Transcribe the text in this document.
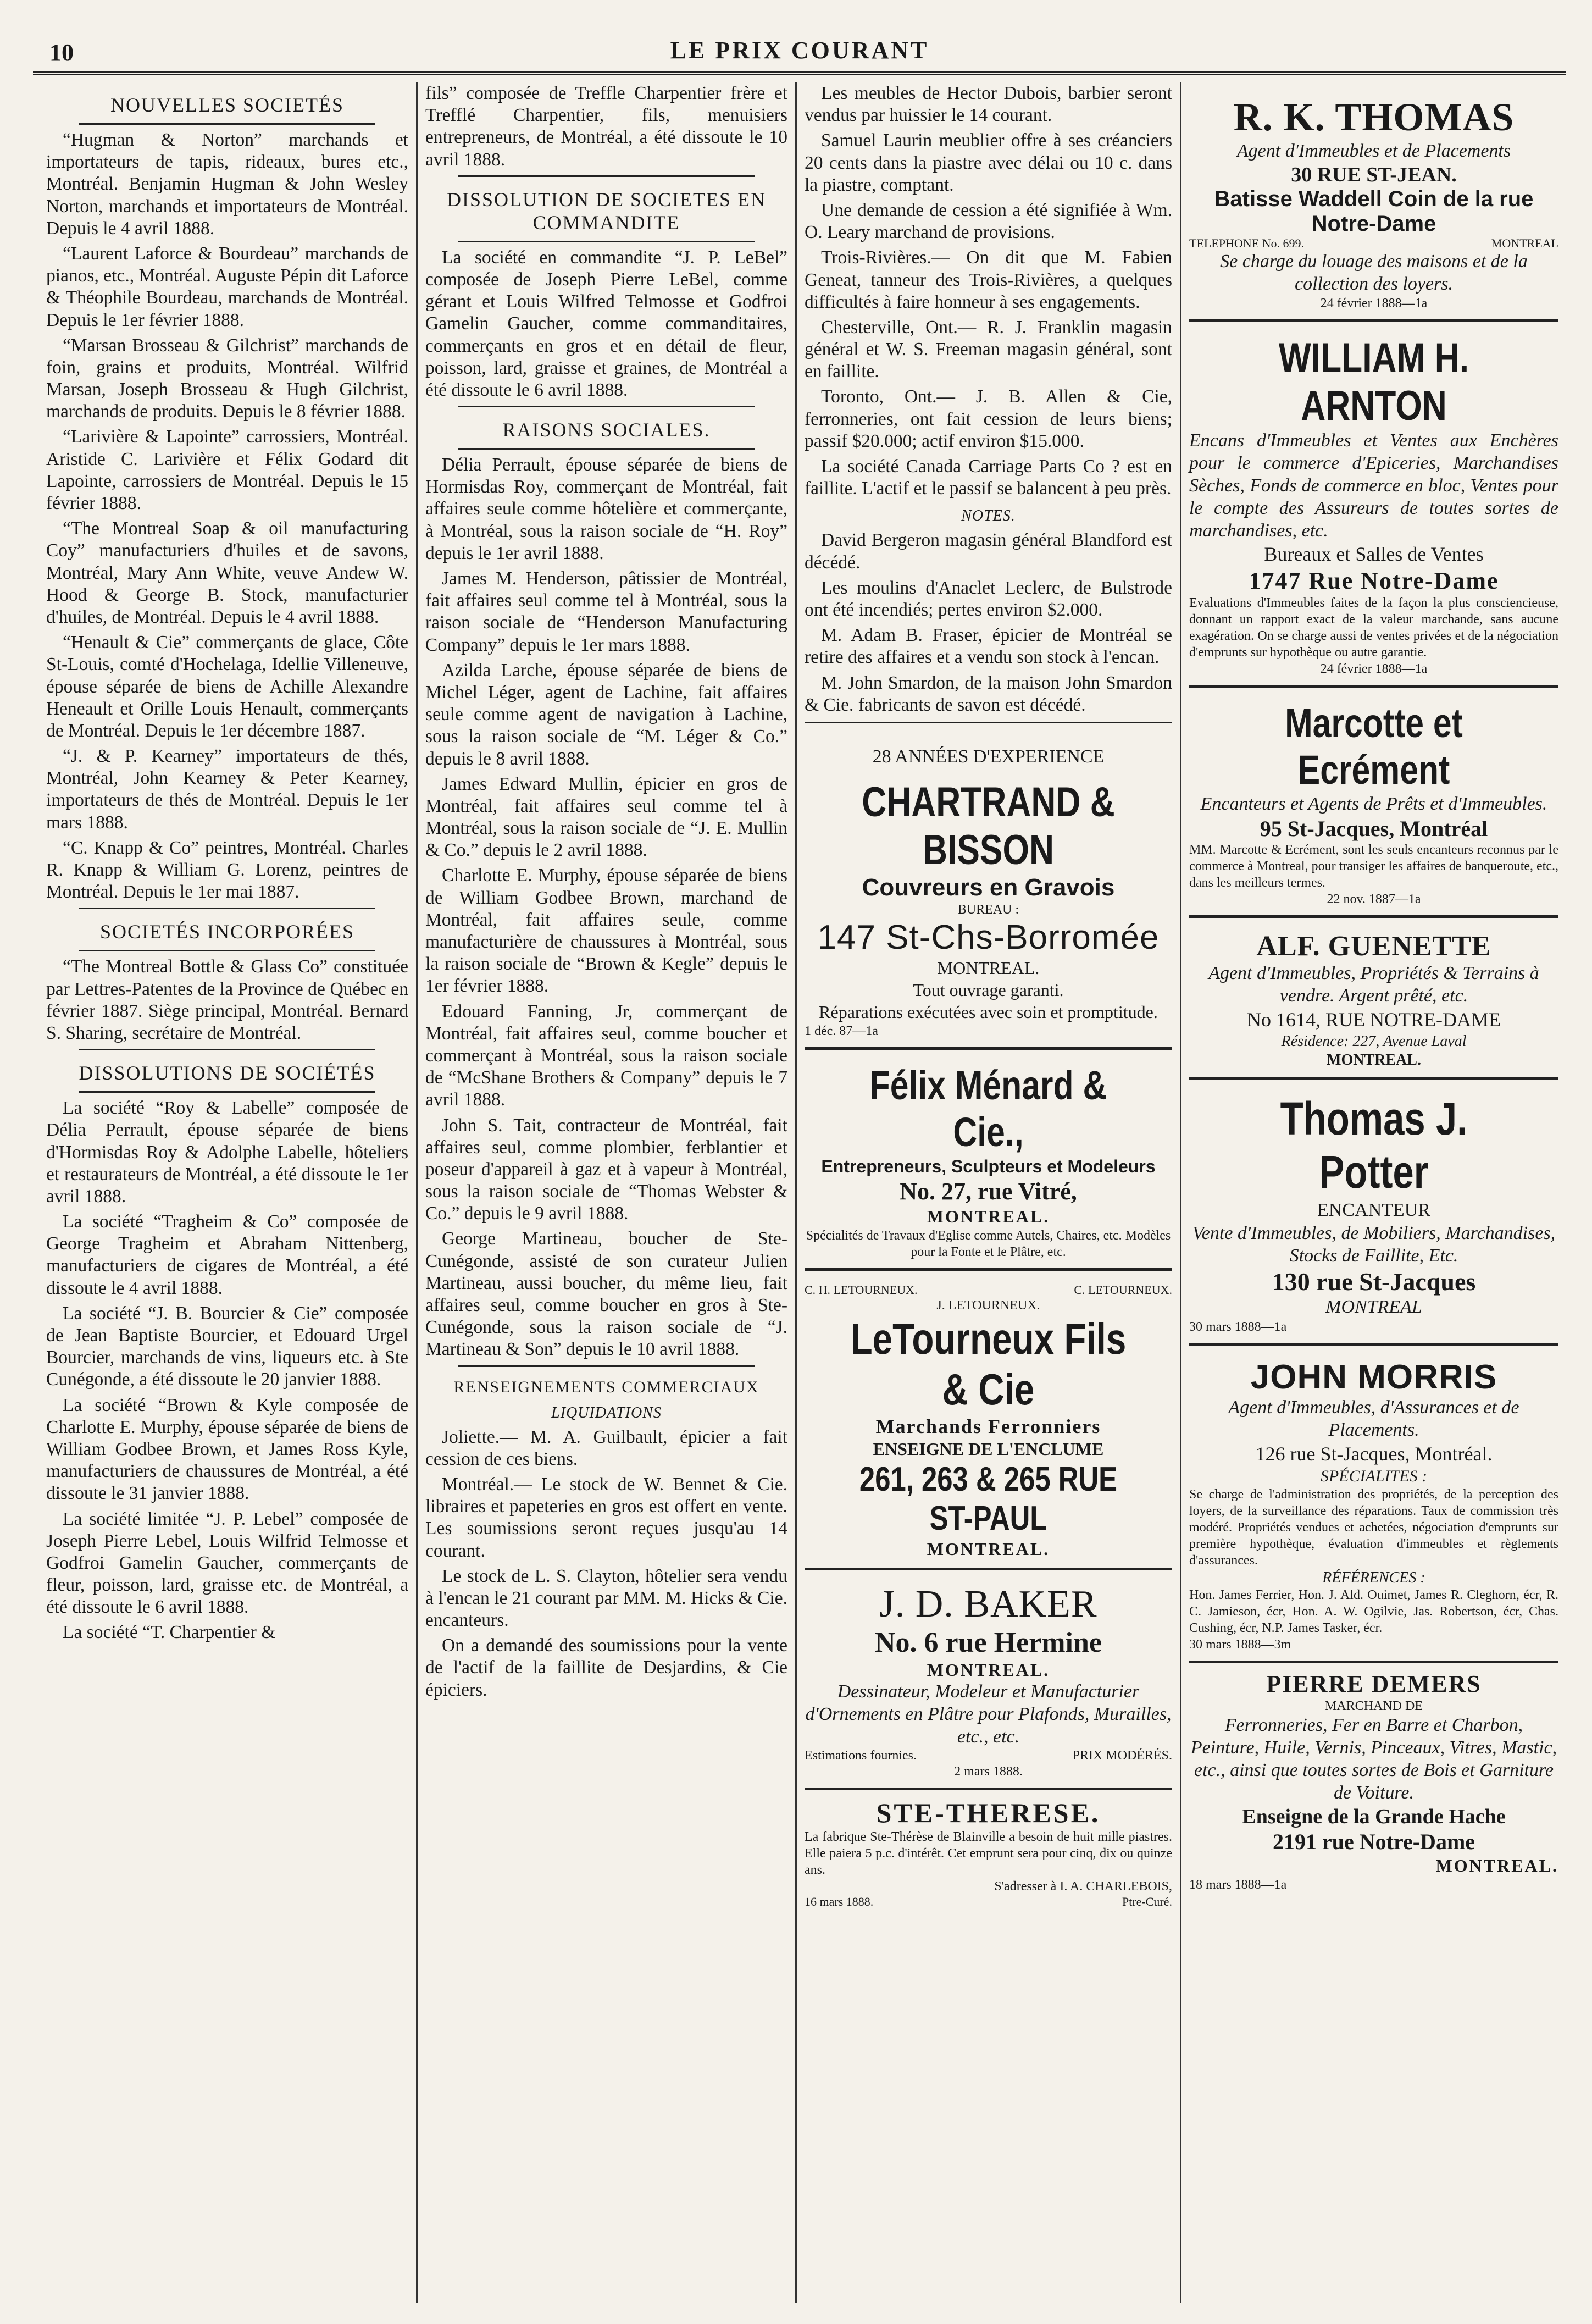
10	LE PRIX COURANT
NOUVELLES SOCIETÉS

“Hugman & Norton” marchands et importateurs de tapis, rideaux, bures etc., Montréal. Benjamin Hugman & John Wesley Norton, marchands et importateurs de Montréal. Depuis le 4 avril 1888.

“Laurent Laforce & Bourdeau” marchands de pianos, etc., Montréal. Auguste Pépin dit Laforce & Théophile Bourdeau, marchands de Montréal. Depuis le 1er février 1888.

“Marsan Brosseau & Gilchrist” marchands de foin, grains et produits, Montréal. Wilfrid Marsan, Joseph Brosseau & Hugh Gilchrist, marchands de produits. Depuis le 8 février 1888.

“Larivière & Lapointe” carrossiers, Montréal. Aristide C. Larivière et Félix Godard dit Lapointe, carrossiers de Montréal. Depuis le 15 février 1888.

“The Montreal Soap & oil manufacturing Coy” manufacturiers d'huiles et de savons, Montréal, Mary Ann White, veuve Andew W. Hood & George B. Stock, manufacturier d'huiles, de Montréal. Depuis le 4 avril 1888.

“Henault & Cie” commerçants de glace, Côte St-Louis, comté d'Hochelaga, Idellie Villeneuve, épouse séparée de biens de Achille Alexandre Heneault et Orille Louis Henault, commerçants de Montréal. Depuis le 1er décembre 1887.

“J. & P. Kearney” importateurs de thés, Montréal, John Kearney & Peter Kearney, importateurs de thés de Montréal. Depuis le 1er mars 1888.

“C. Knapp & Co” peintres, Montréal. Charles R. Knapp & William G. Lorenz, peintres de Montréal. Depuis le 1er mai 1887.

SOCIETÉS INCORPORÉES

“The Montreal Bottle & Glass Co” constituée par Lettres-Patentes de la Province de Québec en février 1887. Siège principal, Montréal. Bernard S. Sharing, secrétaire de Montréal.

DISSOLUTIONS DE SOCIÉTÉS

La société “Roy & Labelle” composée de Délia Perrault, épouse séparée de biens d'Hormisdas Roy & Adolphe Labelle, hôteliers et restaurateurs de Montréal, a été dissoute le 1er avril 1888.

La société “Tragheim & Co” composée de George Tragheim et Abraham Nittenberg, manufacturiers de cigares de Montréal, a été dissoute le 4 avril 1888.

La société “J. B. Bourcier & Cie” composée de Jean Baptiste Bourcier, et Edouard Urgel Bourcier, marchands de vins, liqueurs etc. à Ste Cunégonde, a été dissoute le 20 janvier 1888.

La société “Brown & Kyle composée de Charlotte E. Murphy, épouse séparée de biens de William Godbee Brown, et James Ross Kyle, manufacturiers de chaussures de Montréal, a été dissoute le 31 janvier 1888.

La société limitée “J. P. Lebel” composée de Joseph Pierre Lebel, Louis Wilfrid Telmosse et Godfroi Gamelin Gaucher, commerçants de fleur, poisson, lard, graisse etc. de Montréal, a été dissoute le 6 avril 1888.

La société “T. Charpentier &

fils” composée de Treffle Charpentier frère et Trefflé Charpentier, fils, menuisiers entrepreneurs, de Montréal, a été dissoute le 10 avril 1888.

DISSOLUTION DE SOCIETES EN COMMANDITE

La société en commandite “J. P. LeBel” composée de Joseph Pierre LeBel, comme gérant et Louis Wilfred Telmosse et Godfroi Gamelin Gaucher, comme commanditaires, commerçants en gros et en détail de fleur, poisson, lard, graisse et graines, de Montréal a été dissoute le 6 avril 1888.

RAISONS SOCIALES.

Délia Perrault, épouse séparée de biens de Hormisdas Roy, commerçant de Montréal, fait affaires seule comme hôtelière et commerçante, à Montréal, sous la raison sociale de “H. Roy” depuis le 1er avril 1888.

James M. Henderson, pâtissier de Montréal, fait affaires seul comme tel à Montréal, sous la raison sociale de “Henderson Manufacturing Company” depuis le 1er mars 1888.

Azilda Larche, épouse séparée de biens de Michel Léger, agent de Lachine, fait affaires seule comme agent de navigation à Lachine, sous la raison sociale de “M. Léger & Co.” depuis le 8 avril 1888.

James Edward Mullin, épicier en gros de Montréal, fait affaires seul comme tel à Montréal, sous la raison sociale de “J. E. Mullin & Co.” depuis le 2 avril 1888.

Charlotte E. Murphy, épouse séparée de biens de William Godbee Brown, marchand de Montréal, fait affaires seule, comme manufacturière de chaussures à Montréal, sous la raison sociale de “Brown & Kegle” depuis le 1er février 1888.

Edouard Fanning, Jr, commerçant de Montréal, fait affaires seul, comme boucher et commerçant à Montréal, sous la raison sociale de “McShane Brothers & Company” depuis le 7 avril 1888.

John S. Tait, contracteur de Montréal, fait affaires seul, comme plombier, ferblantier et poseur d'appareil à gaz et à vapeur à Montréal, sous la raison sociale de “Thomas Webster & Co.” depuis le 9 avril 1888.

George Martineau, boucher de Ste-Cunégonde, assisté de son curateur Julien Martineau, aussi boucher, du même lieu, fait affaires seul, comme boucher en gros à Ste-Cunégonde, sous la raison sociale de “J. Martineau & Son” depuis le 10 avril 1888.

RENSEIGNEMENTS COMMERCIAUX
LIQUIDATIONS

Joliette.— M. A. Guilbault, épicier a fait cession de ces biens.

Montréal.— Le stock de W. Bennet & Cie. libraires et papeteries en gros est offert en vente. Les soumissions seront reçues jusqu'au 14 courant.

Le stock de L. S. Clayton, hôtelier sera vendu à l'encan le 21 courant par MM. M. Hicks & Cie. encanteurs.

On a demandé des soumissions pour la vente de l'actif de la faillite de Desjardins, & Cie épiciers.

Les meubles de Hector Dubois, barbier seront vendus par huissier le 14 courant.

Samuel Laurin meublier offre à ses créanciers 20 cents dans la piastre avec délai ou 10 c. dans la piastre, comptant.

Une demande de cession a été signifiée à Wm. O. Leary marchand de provisions.

Trois-Rivières.— On dit que M. Fabien Geneat, tanneur des Trois-Rivières, a quelques difficultés à faire honneur à ses engagements.

Chesterville, Ont.— R. J. Franklin magasin général et W. S. Freeman magasin général, sont en faillite.

Toronto, Ont.— J. B. Allen & Cie, ferronneries, ont fait cession de leurs biens; passif $20.000; actif environ $15.000.

La société Canada Carriage Parts Co ? est en faillite. L'actif et le passif se balancent à peu près.

NOTES.

David Bergeron magasin général Blandford est décédé.

Les moulins d'Anaclet Leclerc, de Bulstrode ont été incendiés; pertes environ $2.000.

M. Adam B. Fraser, épicier de Montréal se retire des affaires et a vendu son stock à l'encan.

M. John Smardon, de la maison John Smardon & Cie. fabricants de savon est décédé.

28 ANNÉES D'EXPERIENCE
CHARTRAND & BISSON
Couvreurs en Gravois
BUREAU :
147 St-Chs-Borromée
MONTREAL.
Tout ouvrage garanti.
Réparations exécutées avec soin et promptitude.
1 déc. 87—1a
Félix Ménard & Cie.,
Entrepreneurs, Sculpteurs et Modeleurs
No. 27, rue Vitré,
MONTREAL.
Spécialités de Travaux d'Eglise comme Autels, Chaires, etc. Modèles pour la Fonte et le Plâtre, etc.
C. H. LETOURNEUX.	C. LETOURNEUX.
J. LETOURNEUX.
LeTourneux Fils & Cie
Marchands Ferronniers
ENSEIGNE DE L'ENCLUME
261, 263 & 265 RUE ST-PAUL
MONTREAL.
J. D. BAKER
No. 6 rue Hermine
MONTREAL.
Dessinateur, Modeleur et Manufacturier d'Ornements en Plâtre pour Plafonds, Murailles, etc., etc.
Estimations fournies.	PRIX MODÉRÉS.
2 mars 1888.
STE-THERESE.
La fabrique Ste-Thérèse de Blainville a besoin de huit mille piastres. Elle paiera 5 p.c. d'intérêt. Cet emprunt sera pour cinq, dix ou quinze ans.
S'adresser à I. A. CHARLEBOIS,
16 mars 1888.	Ptre-Curé.
R. K. THOMAS
Agent d'Immeubles et de Placements
30 RUE ST-JEAN.
Batisse Waddell Coin de la rue Notre-Dame
TELEPHONE No. 699.	MONTREAL
Se charge du louage des maisons et de la collection des loyers.
24 février 1888—1a
WILLIAM H. ARNTON
Encans d'Immeubles et Ventes aux Enchères pour le commerce d'Epiceries, Marchandises Sèches, Fonds de commerce en bloc, Ventes pour le compte des Assureurs de toutes sortes de marchandises, etc.
Bureaux et Salles de Ventes
1747 Rue Notre-Dame
Evaluations d'Immeubles faites de la façon la plus consciencieuse, donnant un rapport exact de la valeur marchande, sans aucune exagération. On se charge aussi de ventes privées et de la négociation d'emprunts sur hypothèque ou autre garantie.
24 février 1888—1a
Marcotte et Ecrément
Encanteurs et Agents de Prêts et d'Immeubles.
95 St-Jacques, Montréal
MM. Marcotte & Ecrément, sont les seuls encanteurs reconnus par le commerce à Montreal, pour transiger les affaires de banqueroute, etc., dans les meilleurs termes.
22 nov. 1887—1a
ALF. GUENETTE
Agent d'Immeubles, Propriétés & Terrains à vendre. Argent prêté, etc.
No 1614, RUE NOTRE-DAME
Résidence: 227, Avenue Laval
MONTREAL.
Thomas J. Potter
ENCANTEUR
Vente d'Immeubles, de Mobiliers, Marchandises, Stocks de Faillite, Etc.
130 rue St-Jacques
MONTREAL
30 mars 1888—1a
JOHN MORRIS
Agent d'Immeubles, d'Assurances et de Placements.
126 rue St-Jacques, Montréal.
SPÉCIALITES :
Se charge de l'administration des propriétés, de la perception des loyers, de la surveillance des réparations. Taux de commission très modéré. Propriétés vendues et achetées, négociation d'emprunts sur première hypothèque, évaluation d'immeubles et règlements d'assurances.
RÉFÉRENCES :
Hon. James Ferrier, Hon. J. Ald. Ouimet, James R. Cleghorn, écr, R. C. Jamieson, écr, Hon. A. W. Ogilvie, Jas. Robertson, écr, Chas. Cushing, écr, N.P. James Tasker, écr.
30 mars 1888—3m
PIERRE DEMERS
MARCHAND DE
Ferronneries, Fer en Barre et Charbon, Peinture, Huile, Vernis, Pinceaux, Vitres, Mastic, etc., ainsi que toutes sortes de Bois et Garniture de Voiture.
Enseigne de la Grande Hache
2191 rue Notre-Dame
MONTREAL.
18 mars 1888—1a
